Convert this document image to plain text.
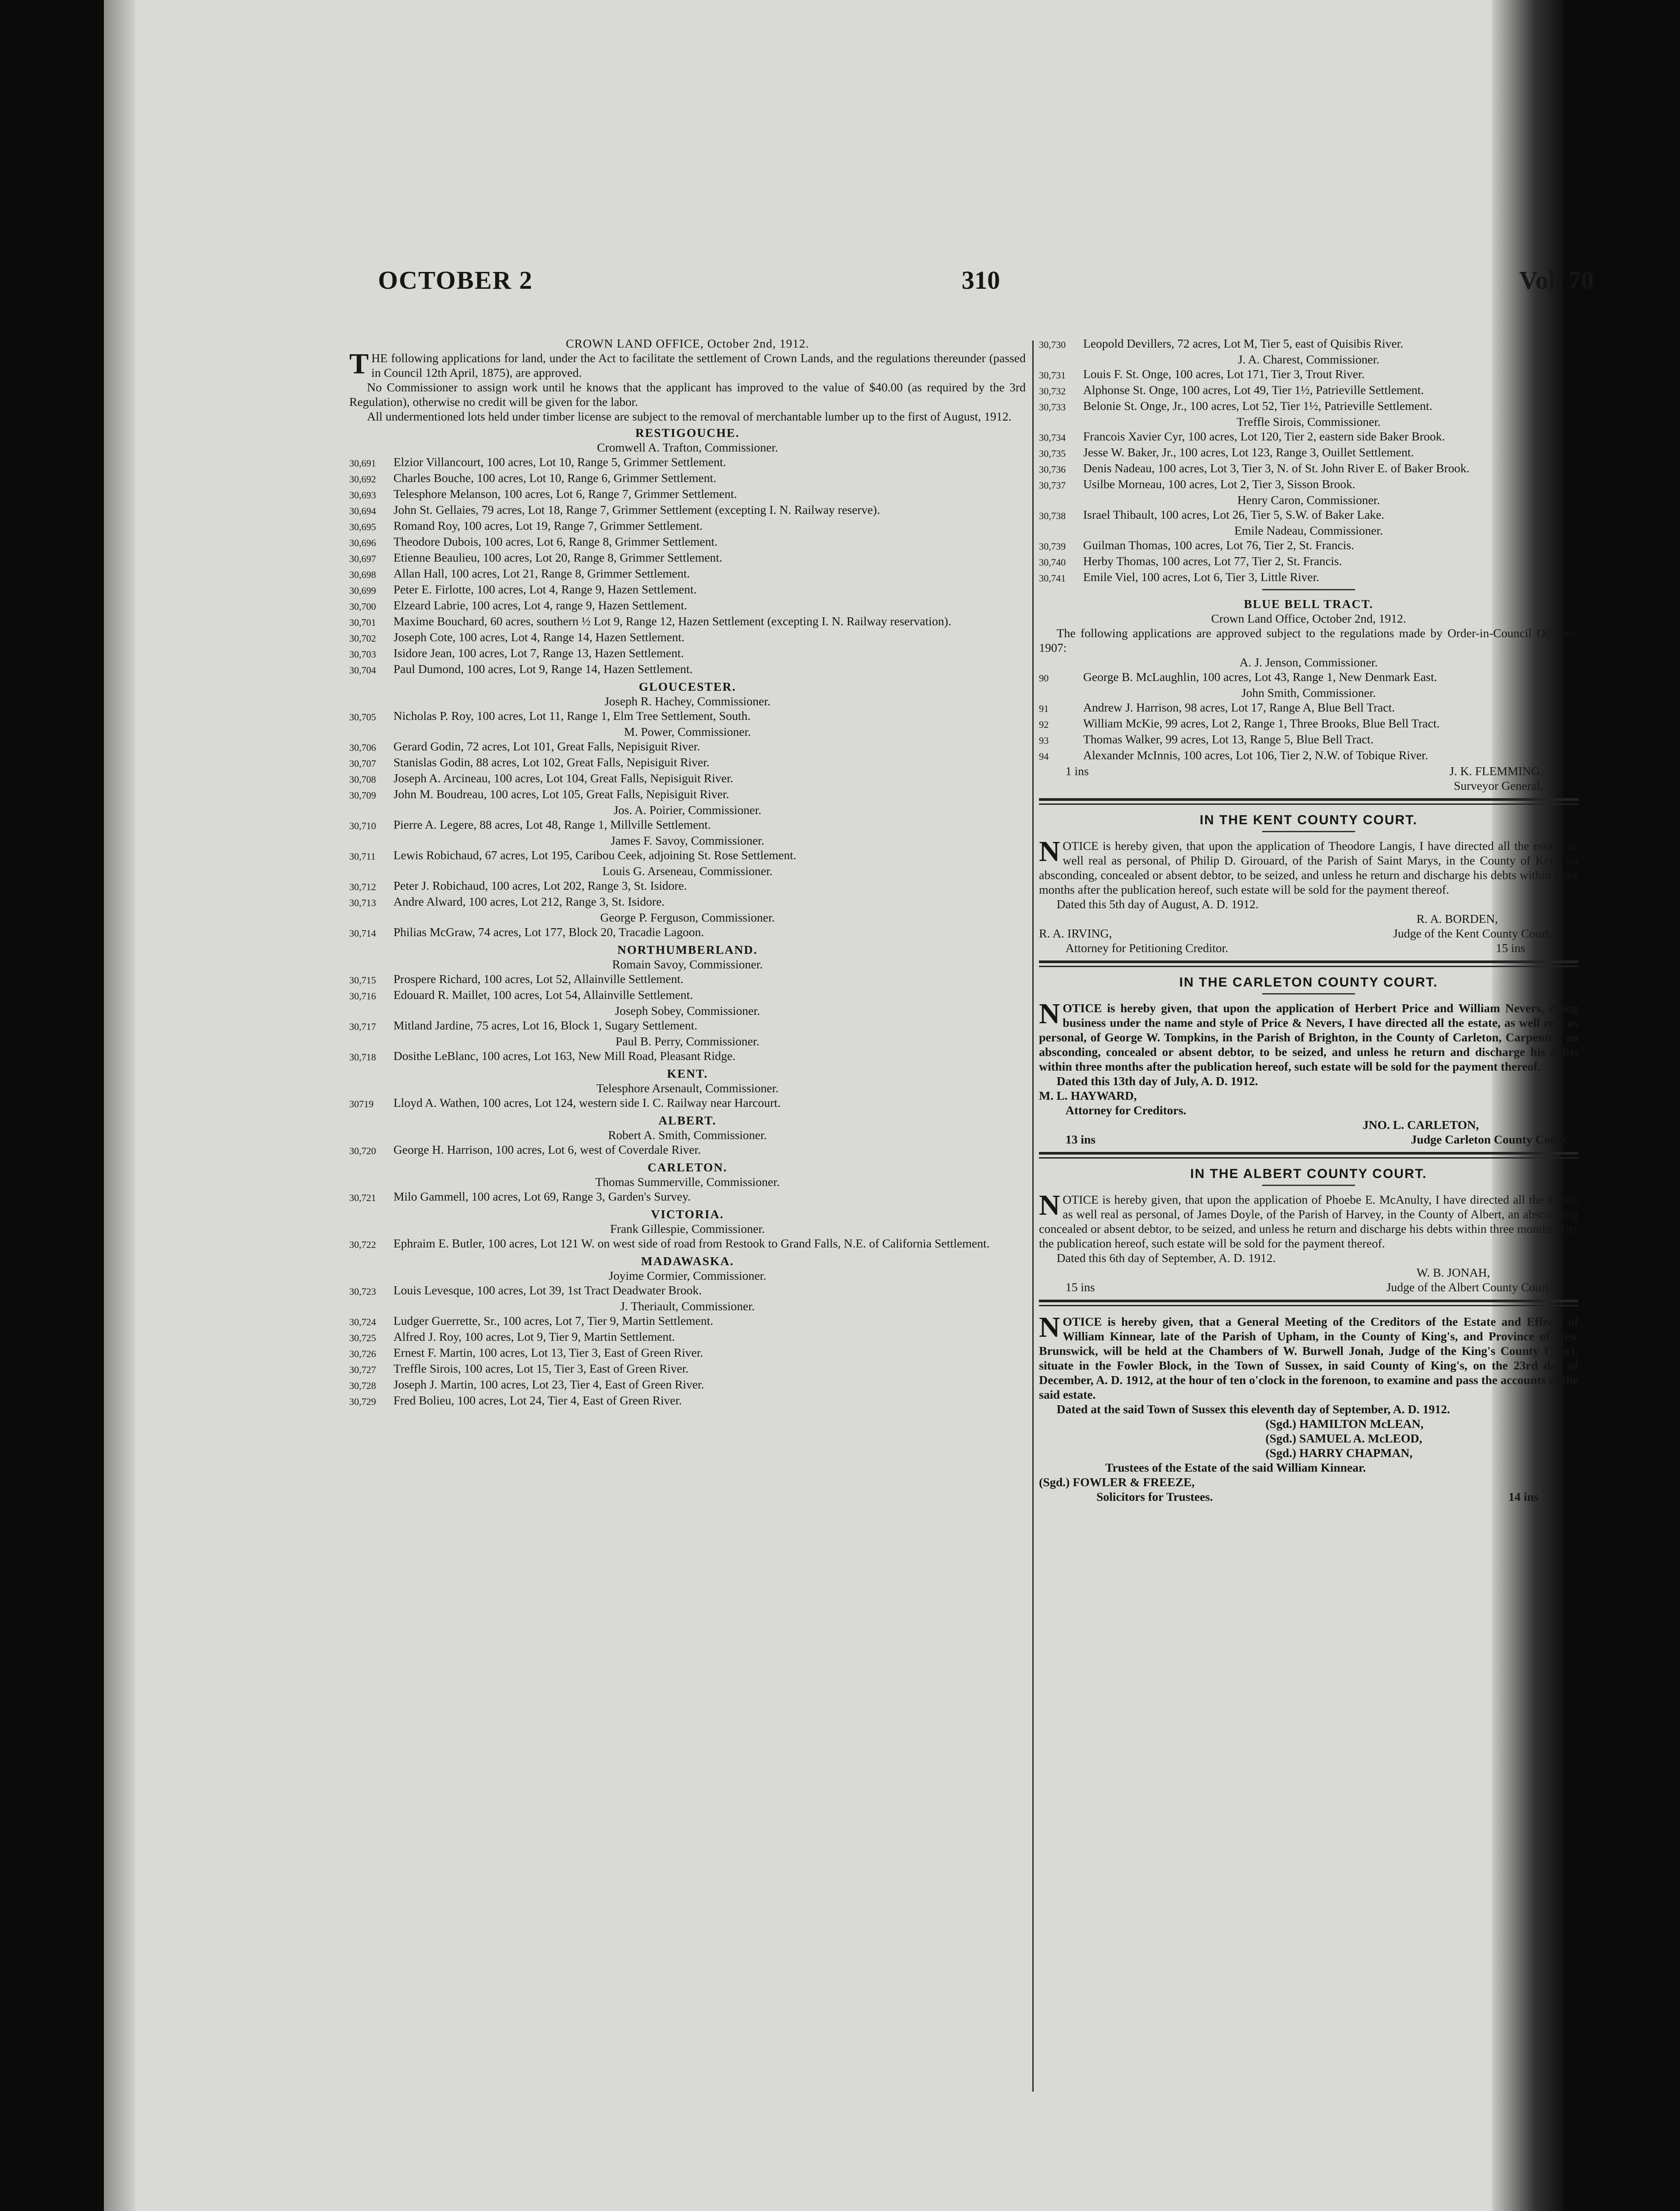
OCTOBER 2	310	Vol. 70

CROWN LAND OFFICE, October 2nd, 1912.

THE following applications for land, under the Act to facilitate the settlement of Crown Lands, and the regulations thereunder (passed in Council 12th April, 1875), are approved.

No Commissioner to assign work until he knows that the applicant has improved to the value of $40.00 (as required by the 3rd Regulation), otherwise no credit will be given for the labor.

All undermentioned lots held under timber license are subject to the removal of merchantable lumber up to the first of August, 1912.

RESTIGOUCHE.

Cromwell A. Trafton, Commissioner.

30,691	Elzior Villancourt, 100 acres, Lot 10, Range 5, Grimmer Settlement.
30,692	Charles Bouche, 100 acres, Lot 10, Range 6, Grimmer Settlement.
30,693	Telesphore Melanson, 100 acres, Lot 6, Range 7, Grimmer Settlement.
30,694	John St. Gellaies, 79 acres, Lot 18, Range 7, Grimmer Settlement (excepting I. N. Railway reserve).
30,695	Romand Roy, 100 acres, Lot 19, Range 7, Grimmer Settlement.
30,696	Theodore Dubois, 100 acres, Lot 6, Range 8, Grimmer Settlement.
30,697	Etienne Beaulieu, 100 acres, Lot 20, Range 8, Grimmer Settlement.
30,698	Allan Hall, 100 acres, Lot 21, Range 8, Grimmer Settlement.
30,699	Peter E. Firlotte, 100 acres, Lot 4, Range 9, Hazen Settlement.
30,700	Elzeard Labrie, 100 acres, Lot 4, range 9, Hazen Settlement.
30,701	Maxime Bouchard, 60 acres, southern ½ Lot 9, Range 12, Hazen Settlement (excepting I. N. Railway reservation).
30,702	Joseph Cote, 100 acres, Lot 4, Range 14, Hazen Settlement.
30,703	Isidore Jean, 100 acres, Lot 7, Range 13, Hazen Settlement.
30,704	Paul Dumond, 100 acres, Lot 9, Range 14, Hazen Settlement.

GLOUCESTER.

Joseph R. Hachey, Commissioner.

30,705	Nicholas P. Roy, 100 acres, Lot 11, Range 1, Elm Tree Settlement, South.

M. Power, Commissioner.

30,706	Gerard Godin, 72 acres, Lot 101, Great Falls, Nepisiguit River.
30,707	Stanislas Godin, 88 acres, Lot 102, Great Falls, Nepisiguit River.
30,708	Joseph A. Arcineau, 100 acres, Lot 104, Great Falls, Nepisiguit River.
30,709	John M. Boudreau, 100 acres, Lot 105, Great Falls, Nepisiguit River.

Jos. A. Poirier, Commissioner.

30,710	Pierre A. Legere, 88 acres, Lot 48, Range 1, Millville Settlement.

James F. Savoy, Commissioner.

30,711	Lewis Robichaud, 67 acres, Lot 195, Caribou Ceek, adjoining St. Rose Settlement.

Louis G. Arseneau, Commissioner.

30,712	Peter J. Robichaud, 100 acres, Lot 202, Range 3, St. Isidore.
30,713	Andre Alward, 100 acres, Lot 212, Range 3, St. Isidore.

George P. Ferguson, Commissioner.

30,714	Philias McGraw, 74 acres, Lot 177, Block 20, Tracadie Lagoon.

NORTHUMBERLAND.

Romain Savoy, Commissioner.

30,715	Prospere Richard, 100 acres, Lot 52, Allainville Settlement.
30,716	Edouard R. Maillet, 100 acres, Lot 54, Allainville Settlement.

Joseph Sobey, Commissioner.

30,717	Mitland Jardine, 75 acres, Lot 16, Block 1, Sugary Settlement.

Paul B. Perry, Commissioner.

30,718	Dosithe LeBlanc, 100 acres, Lot 163, New Mill Road, Pleasant Ridge.

KENT.

Telesphore Arsenault, Commissioner.

30719	Lloyd A. Wathen, 100 acres, Lot 124, western side I. C. Railway near Harcourt.

ALBERT.

Robert A. Smith, Commissioner.

30,720	George H. Harrison, 100 acres, Lot 6, west of Coverdale River.

CARLETON.

Thomas Summerville, Commissioner.

30,721	Milo Gammell, 100 acres, Lot 69, Range 3, Garden's Survey.

VICTORIA.

Frank Gillespie, Commissioner.

30,722	Ephraim E. Butler, 100 acres, Lot 121 W. on west side of road from Restook to Grand Falls, N.E. of California Settlement.

MADAWASKA.

Joyime Cormier, Commissioner.

30,723	Louis Levesque, 100 acres, Lot 39, 1st Tract Deadwater Brook.

J. Theriault, Commissioner.

30,724	Ludger Guerrette, Sr., 100 acres, Lot 7, Tier 9, Martin Settlement.
30,725	Alfred J. Roy, 100 acres, Lot 9, Tier 9, Martin Settlement.
30,726	Ernest F. Martin, 100 acres, Lot 13, Tier 3, East of Green River.
30,727	Treffle Sirois, 100 acres, Lot 15, Tier 3, East of Green River.
30,728	Joseph J. Martin, 100 acres, Lot 23, Tier 4, East of Green River.
30,729	Fred Bolieu, 100 acres, Lot 24, Tier 4, East of Green River.
30,730	Leopold Devillers, 72 acres, Lot M, Tier 5, east of Quisibis River.

J. A. Charest, Commissioner.

30,731	Louis F. St. Onge, 100 acres, Lot 171, Tier 3, Trout River.
30,732	Alphonse St. Onge, 100 acres, Lot 49, Tier 1½, Patrieville Settlement.
30,733	Belonie St. Onge, Jr., 100 acres, Lot 52, Tier 1½, Patrieville Settlement.

Treffle Sirois, Commissioner.

30,734	Francois Xavier Cyr, 100 acres, Lot 120, Tier 2, eastern side Baker Brook.
30,735	Jesse W. Baker, Jr., 100 acres, Lot 123, Range 3, Ouillet Settlement.
30,736	Denis Nadeau, 100 acres, Lot 3, Tier 3, N. of St. John River E. of Baker Brook.
30,737	Usilbe Morneau, 100 acres, Lot 2, Tier 3, Sisson Brook.

Henry Caron, Commissioner.

30,738	Israel Thibault, 100 acres, Lot 26, Tier 5, S.W. of Baker Lake.

Emile Nadeau, Commissioner.

30,739	Guilman Thomas, 100 acres, Lot 76, Tier 2, St. Francis.
30,740	Herby Thomas, 100 acres, Lot 77, Tier 2, St. Francis.
30,741	Emile Viel, 100 acres, Lot 6, Tier 3, Little River.

BLUE BELL TRACT.

Crown Land Office, October 2nd, 1912.

The following applications are approved subject to the regulations made by Order-in-Council October, 1907:

A. J. Jenson, Commissioner.

90	George B. McLaughlin, 100 acres, Lot 43, Range 1, New Denmark East.

John Smith, Commissioner.

91	Andrew J. Harrison, 98 acres, Lot 17, Range A, Blue Bell Tract.
92	William McKie, 99 acres, Lot 2, Range 1, Three Brooks, Blue Bell Tract.
93	Thomas Walker, 99 acres, Lot 13, Range 5, Blue Bell Tract.
94	Alexander McInnis, 100 acres, Lot 106, Tier 2, N.W. of Tobique River.
1 ins	J. K. FLEMMING,

Surveyor General.

IN THE KENT COUNTY COURT.

NOTICE is hereby given, that upon the application of Theodore Langis, I have directed all the estate, as well real as personal, of Philip D. Girouard, of the Parish of Saint Marys, in the County of Kent, an absconding, concealed or absent debtor, to be seized, and unless he return and discharge his debts within three months after the publication hereof, such estate will be sold for the payment thereof.

Dated this 5th day of August, A. D. 1912.

R. A. BORDEN,

R. A. IRVING,	Judge of the Kent County Court.
Attorney for Petitioning Creditor.	15 ins

IN THE CARLETON COUNTY COURT.

NOTICE is hereby given, that upon the application of Herbert Price and William Nevers, doing business under the name and style of Price & Nevers, I have directed all the estate, as well real as personal, of George W. Tompkins, in the Parish of Brighton, in the County of Carleton, Carpenter, an absconding, concealed or absent debtor, to be seized, and unless he return and discharge his debts within three months after the publication hereof, such estate will be sold for the payment thereof.

Dated this 13th day of July, A. D. 1912.

M. L. HAYWARD,

Attorney for Creditors.

JNO. L. CARLETON,

13 ins	Judge Carleton County Court.

IN THE ALBERT COUNTY COURT.

NOTICE is hereby given, that upon the application of Phoebe E. McAnulty, I have directed all the estate, as well real as personal, of James Doyle, of the Parish of Harvey, in the County of Albert, an absconding concealed or absent debtor, to be seized, and unless he return and discharge his debts within three months after the publication hereof, such estate will be sold for the payment thereof.

Dated this 6th day of September, A. D. 1912.

W. B. JONAH,

15 ins	Judge of the Albert County Court.

NOTICE is hereby given, that a General Meeting of the Creditors of the Estate and Effects of William Kinnear, late of the Parish of Upham, in the County of King's, and Province of New Brunswick, will be held at the Chambers of W. Burwell Jonah, Judge of the King's County Court, situate in the Fowler Block, in the Town of Sussex, in said County of King's, on the 23rd day of December, A. D. 1912, at the hour of ten o'clock in the forenoon, to examine and pass the accounts of the said estate.

Dated at the said Town of Sussex this eleventh day of September, A. D. 1912.

(Sgd.) HAMILTON McLEAN,

(Sgd.) SAMUEL A. McLEOD,

(Sgd.) HARRY CHAPMAN,

Trustees of the Estate of the said William Kinnear.

(Sgd.) FOWLER & FREEZE,

Solicitors for Trustees.	14 ins
